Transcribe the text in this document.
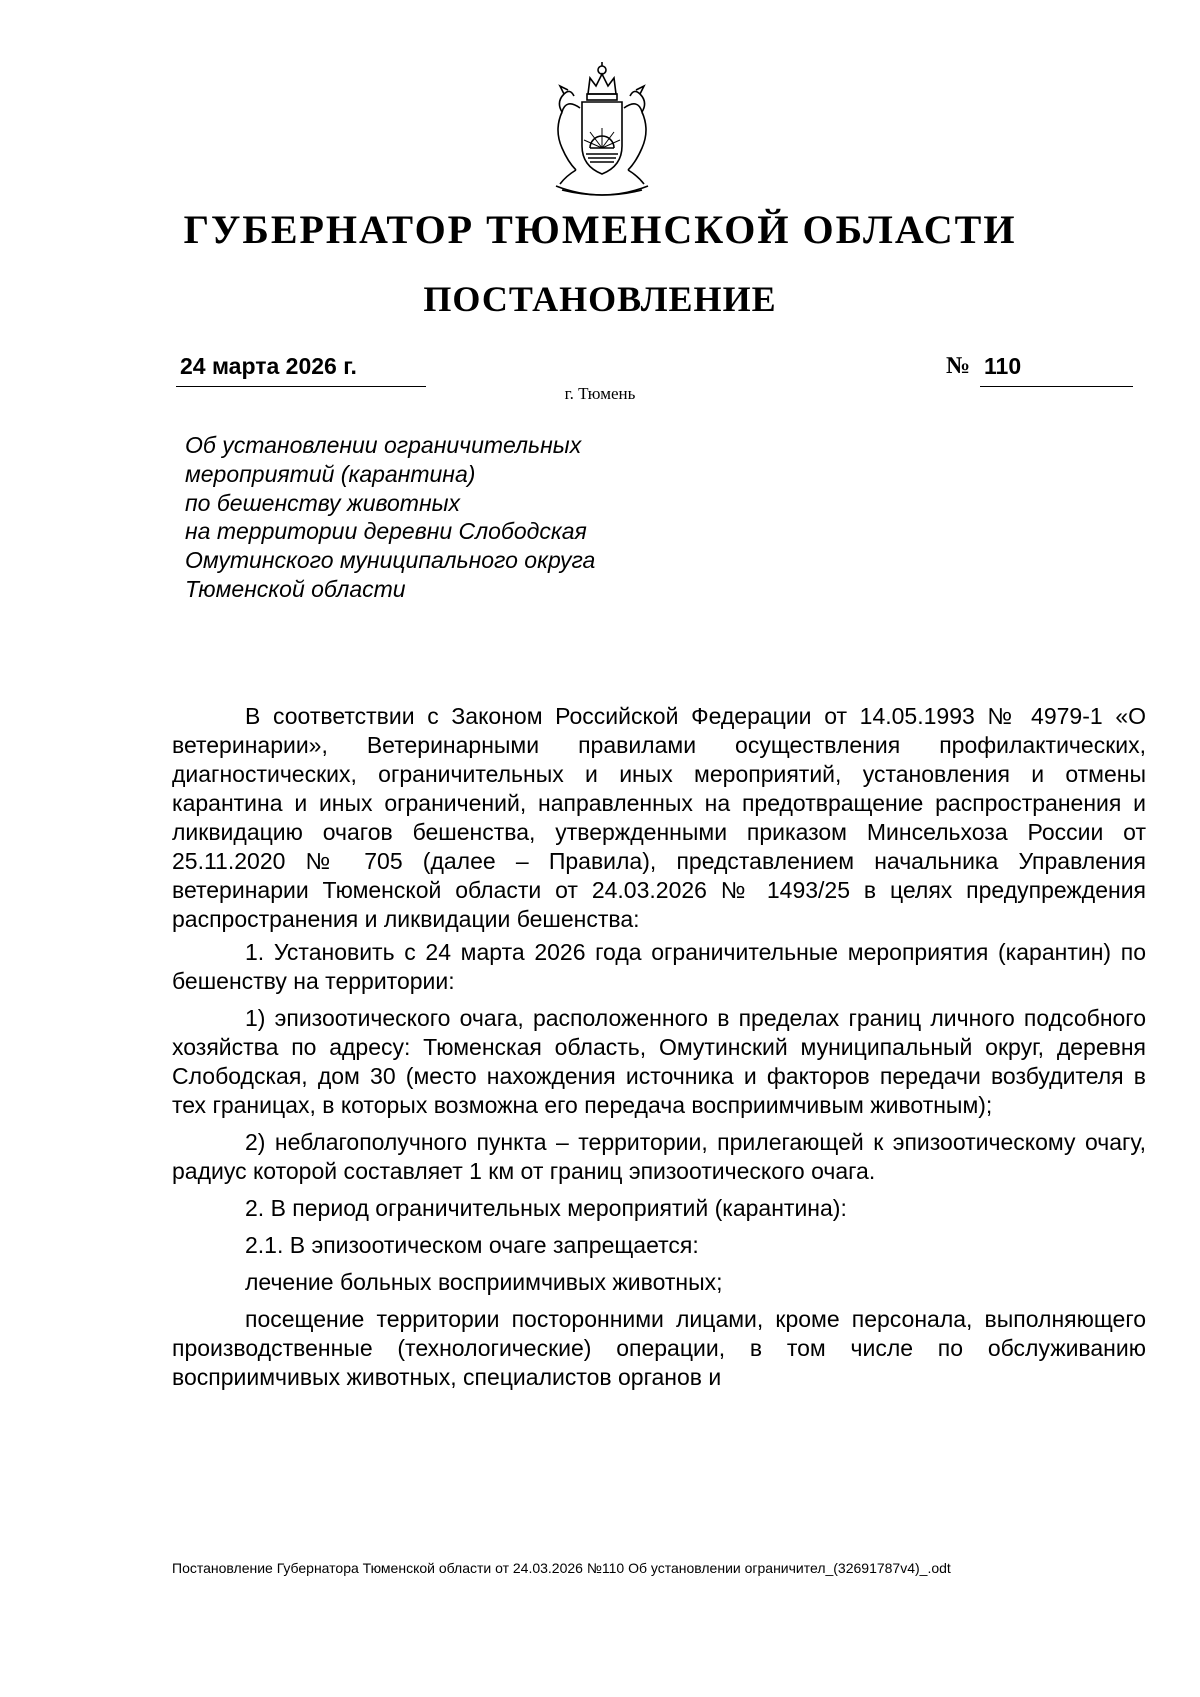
ГУБЕРНАТОР ТЮМЕНСКОЙ ОБЛАСТИ
ПОСТАНОВЛЕНИЕ
24 марта 2026 г.	№ 110
г. Тюмень
Об установлении ограничительных
мероприятий (карантина)
по бешенству животных
на территории деревни Слободская
Омутинского муниципального округа
Тюменской области

В соответствии с Законом Российской Федерации от 14.05.1993 № 4979-1 «О ветеринарии», Ветеринарными правилами осуществления профилактических, диагностических, ограничительных и иных мероприятий, установления и отмены карантина и иных ограничений, направленных на предотвращение распространения и ликвидацию очагов бешенства, утвержденными приказом Минсельхоза России от 25.11.2020 № 705 (далее – Правила), представлением начальника Управления ветеринарии Тюменской области от 24.03.2026 № 1493/25 в целях предупреждения распространения и ликвидации бешенства:

1. Установить с 24 марта 2026 года ограничительные мероприятия (карантин) по бешенству на территории:

1) эпизоотического очага, расположенного в пределах границ личного подсобного хозяйства по адресу: Тюменская область, Омутинский муниципальный округ, деревня Слободская, дом 30 (место нахождения источника и факторов передачи возбудителя в тех границах, в которых возможна его передача восприимчивым животным);

2) неблагополучного пункта – территории, прилегающей к эпизоотическому очагу, радиус которой составляет 1 км от границ эпизоотического очага.

2. В период ограничительных мероприятий (карантина):

2.1. В эпизоотическом очаге запрещается:

лечение больных восприимчивых животных;

посещение территории посторонними лицами, кроме персонала, выполняющего производственные (технологические) операции, в том числе по обслуживанию восприимчивых животных, специалистов органов и

Постановление Губернатора Тюменской области от 24.03.2026 №110 Об установлении ограничител_(32691787v4)_.odt
